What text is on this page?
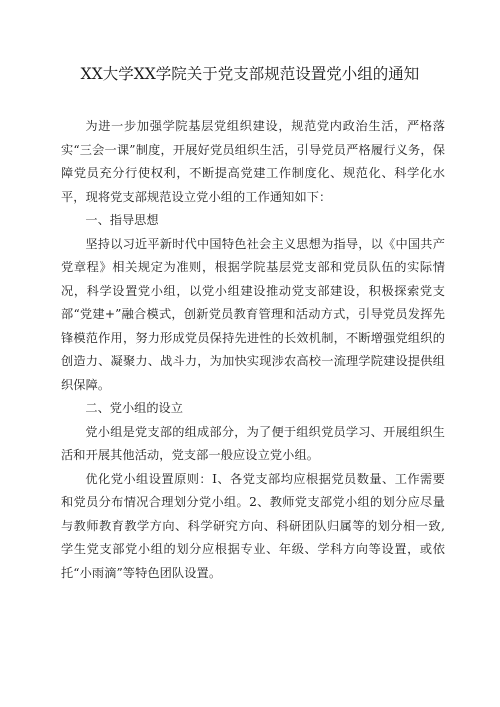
XX大学XX学院关于党支部规范设置党小组的通知

为进一步加强学院基层党组织建设，规范党内政治生活，严格落实“三会一课”制度，开展好党员组织生活，引导党员严格履行义务，保障党员充分行使权利，不断提高党建工作制度化、规范化、科学化水平，现将党支部规范设立党小组的工作通知如下：

一、指导思想

坚持以习近平新时代中国特色社会主义思想为指导，以《中国共产党章程》相关规定为准则，根据学院基层党支部和党员队伍的实际情况，科学设置党小组，以党小组建设推动党支部建设，积极探索党支部“党建+”融合模式，创新党员教育管理和活动方式，引导党员发挥先锋模范作用，努力形成党员保持先进性的长效机制，不断增强党组织的创造力、凝聚力、战斗力，为加快实现涉农高校一流理学院建设提供组织保障。

二、党小组的设立

党小组是党支部的组成部分，为了便于组织党员学习、开展组织生活和开展其他活动，党支部一般应设立党小组。

优化党小组设置原则：I、各党支部均应根据党员数量、工作需要和党员分布情况合理划分党小组。2、教师党支部党小组的划分应尽量与教师教育教学方向、科学研究方向、科研团队归属等的划分相一致,学生党支部党小组的划分应根据专业、年级、学科方向等设置，或依托“小雨滴”等特色团队设置。
